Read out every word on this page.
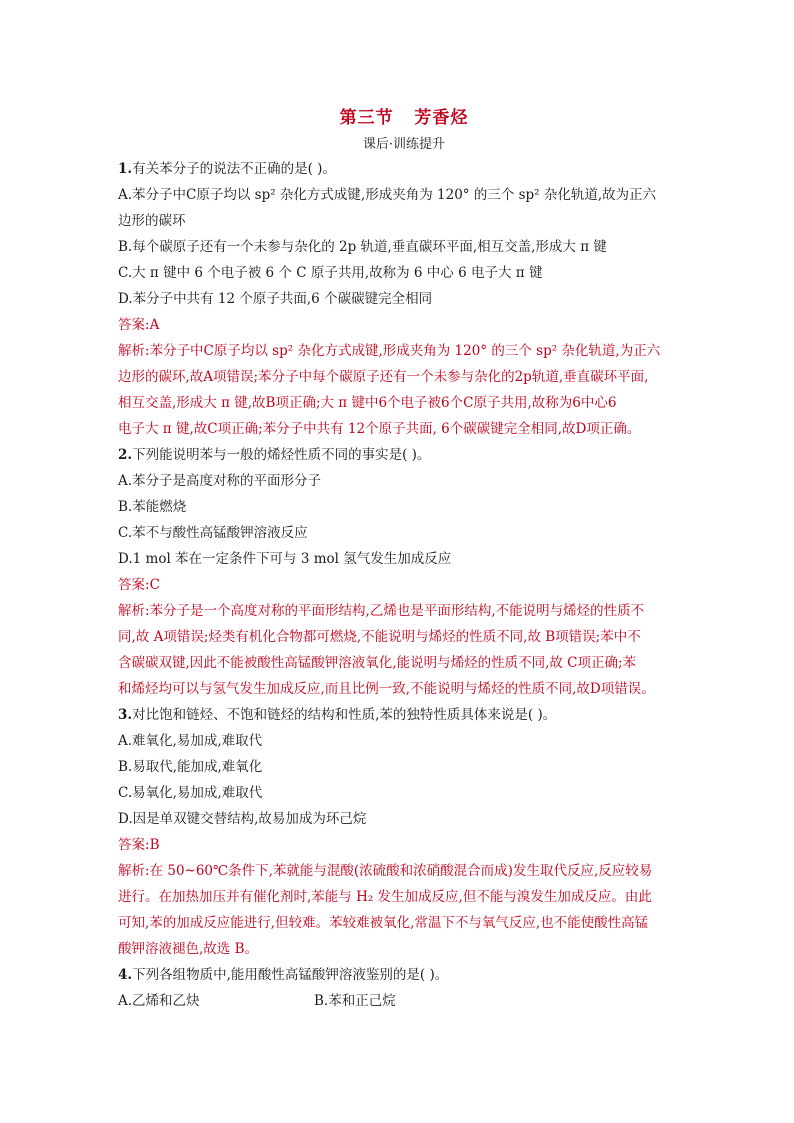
第三节   芳香烃
课后·训练提升
1.有关苯分子的说法不正确的是( )。
A.苯分子中C原子均以 sp² 杂化方式成键,形成夹角为 120° 的三个 sp² 杂化轨道,故为正六
边形的碳环
B.每个碳原子还有一个未参与杂化的 2p 轨道,垂直碳环平面,相互交盖,形成大 π 键
C.大 π 键中 6 个电子被 6 个 C 原子共用,故称为 6 中心 6 电子大 π 键
D.苯分子中共有 12 个原子共面,6 个碳碳键完全相同
答案:A
解析:苯分子中C原子均以 sp² 杂化方式成键,形成夹角为 120° 的三个 sp² 杂化轨道,为正六
边形的碳环,故A项错误;苯分子中每个碳原子还有一个未参与杂化的2p轨道,垂直碳环平面,
相互交盖,形成大 π 键,故B项正确;大 π 键中6个电子被6个C原子共用,故称为6中心6
电子大 π 键,故C项正确;苯分子中共有 12个原子共面, 6个碳碳键完全相同,故D项正确。
2.下列能说明苯与一般的烯烃性质不同的事实是( )。
A.苯分子是高度对称的平面形分子
B.苯能燃烧
C.苯不与酸性高锰酸钾溶液反应
D.1 mol 苯在一定条件下可与 3 mol 氢气发生加成反应
答案:C
解析:苯分子是一个高度对称的平面形结构,乙烯也是平面形结构,不能说明与烯烃的性质不
同,故 A项错误;烃类有机化合物都可燃烧,不能说明与烯烃的性质不同,故 B项错误;苯中不
含碳碳双键,因此不能被酸性高锰酸钾溶液氧化,能说明与烯烃的性质不同,故 C项正确;苯
和烯烃均可以与氢气发生加成反应,而且比例一致,不能说明与烯烃的性质不同,故D项错误。
3.对比饱和链烃、不饱和链烃的结构和性质,苯的独特性质具体来说是( )。
A.难氧化,易加成,难取代
B.易取代,能加成,难氧化
C.易氧化,易加成,难取代
D.因是单双键交替结构,故易加成为环己烷
答案:B
解析:在 50~60℃条件下,苯就能与混酸(浓硫酸和浓硝酸混合而成)发生取代反应,反应较易
进行。在加热加压并有催化剂时,苯能与 H₂ 发生加成反应,但不能与溴发生加成反应。由此
可知,苯的加成反应能进行,但较难。苯较难被氧化,常温下不与氧气反应,也不能使酸性高锰
酸钾溶液褪色,故选 B。
4.下列各组物质中,能用酸性高锰酸钾溶液鉴别的是( )。
A.乙烯和乙炔	B.苯和正己烷
